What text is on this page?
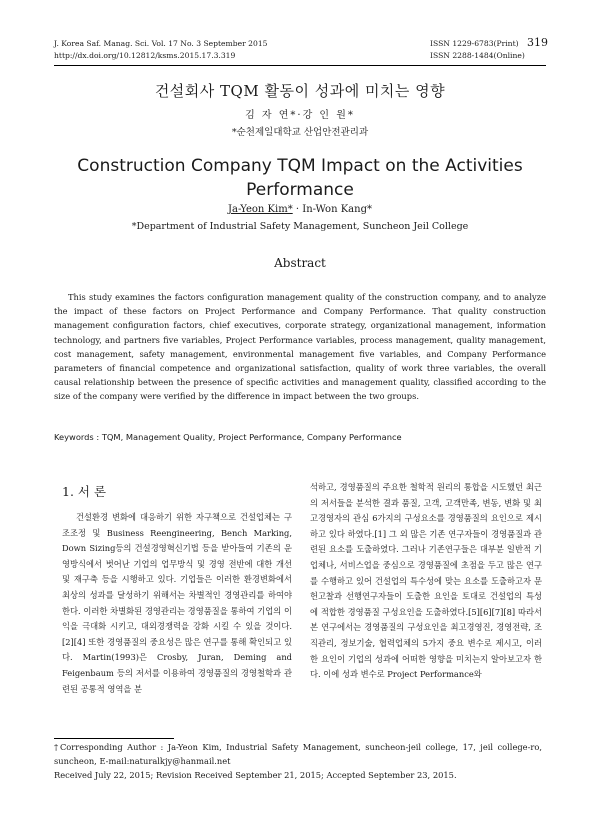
J. Korea Saf. Manag. Sci. Vol. 17 No. 3 September 2015
http://dx.doi.org/10.12812/ksms.2015.17.3.319
ISSN 1229-6783(Print)
ISSN 2288-1484(Online)
319
건설회사 TQM 활동이 성과에 미치는 영향
김 자 연*·강 인 원*
*순천제일대학교 산업안전관리과
Construction Company TQM Impact on the Activities Performance
Ja-Yeon Kim* · In-Won Kang*
*Department of Industrial Safety Management, Suncheon Jeil College
Abstract

This study examines the factors configuration management quality of the construction company, and to analyze the impact of these factors on Project Performance and Company Performance. That quality construction management configuration factors, chief executives, corporate strategy, organizational management, information technology, and partners five variables, Project Performance variables, process management, quality management, cost management, safety management, environmental management five variables, and Company Performance parameters of financial competence and organizational satisfaction, quality of work three variables, the overall causal relationship between the presence of specific activities and management quality, classified according to the size of the company were verified by the difference in impact between the two groups.

Keywords : TQM, Management Quality, Project Performance, Company Performance
1. 서 론

건설환경 변화에 대응하기 위한 자구책으로 건설업체는 구조조정 및 Business Reengineering, Bench Marking, Down Sizing등의 건설경영혁신기법 등을 받아들여 기존의 운영방식에서 벗어난 기업의 업무방식 및 경영 전반에 대한 개선 및 재구축 등을 시행하고 있다. 기업들은 이러한 환경변화에서 최상의 성과를 달성하기 위해서는 차별적인 경영관리를 하여야 한다. 이러한 차별화된 경영관리는 경영품질을 통하여 기업의 이익을 극대화 시키고, 대외경쟁력을 강화 시킬 수 있을 것이다. [2][4] 또한 경영품질의 중요성은 많은 연구를 통해 확인되고 있다. Martin(1993)은 Crosby, Juran, Deming and Feigenbaum 등의 저서를 이용하여 경영품질의 경영철학과 관련된 공통적 영역을 분

석하고, 경영품질의 주요한 철학적 원리의 통합을 시도했던 최근의 저서들을 분석한 결과 품질, 고객, 고객만족, 변동, 변화 및 최고경영자의 관심 6가지의 구성요소를 경영품질의 요인으로 제시 하고 있다 하였다.[1] 그 외 많은 기존 연구자들이 경영품질과 관련된 요소를 도출하였다. 그러나 기존연구들은 대부분 일반적 기업체나, 서비스업을 중심으로 경영품질에 초점을 두고 많은 연구를 수행하고 있어 건설업의 특수성에 맞는 요소를 도출하고자 문헌고찰과 선행연구자들이 도출한 요인을 토대로 건설업의 특성에 적합한 경영품질 구성요인을 도출하였다.[5][6][7][8] 따라서 본 연구에서는 경영품질의 구성요인을 최고경영진, 경영전략, 조직관리, 정보기술, 협력업체의 5가지 중요 변수로 제시고, 이러한 요인이 기업의 성과에 어떠한 영향을 미치는지 알아보고자 한다. 이에 성과 변수로 Project Performance와

†Corresponding Author : Ja-Yeon Kim, Industrial Safety Management, suncheon-jeil college, 17, jeil college-ro, suncheon, E-mail:naturalkjy@hanmail.net
Received July 22, 2015; Revision Received September 21, 2015; Accepted September 23, 2015.
